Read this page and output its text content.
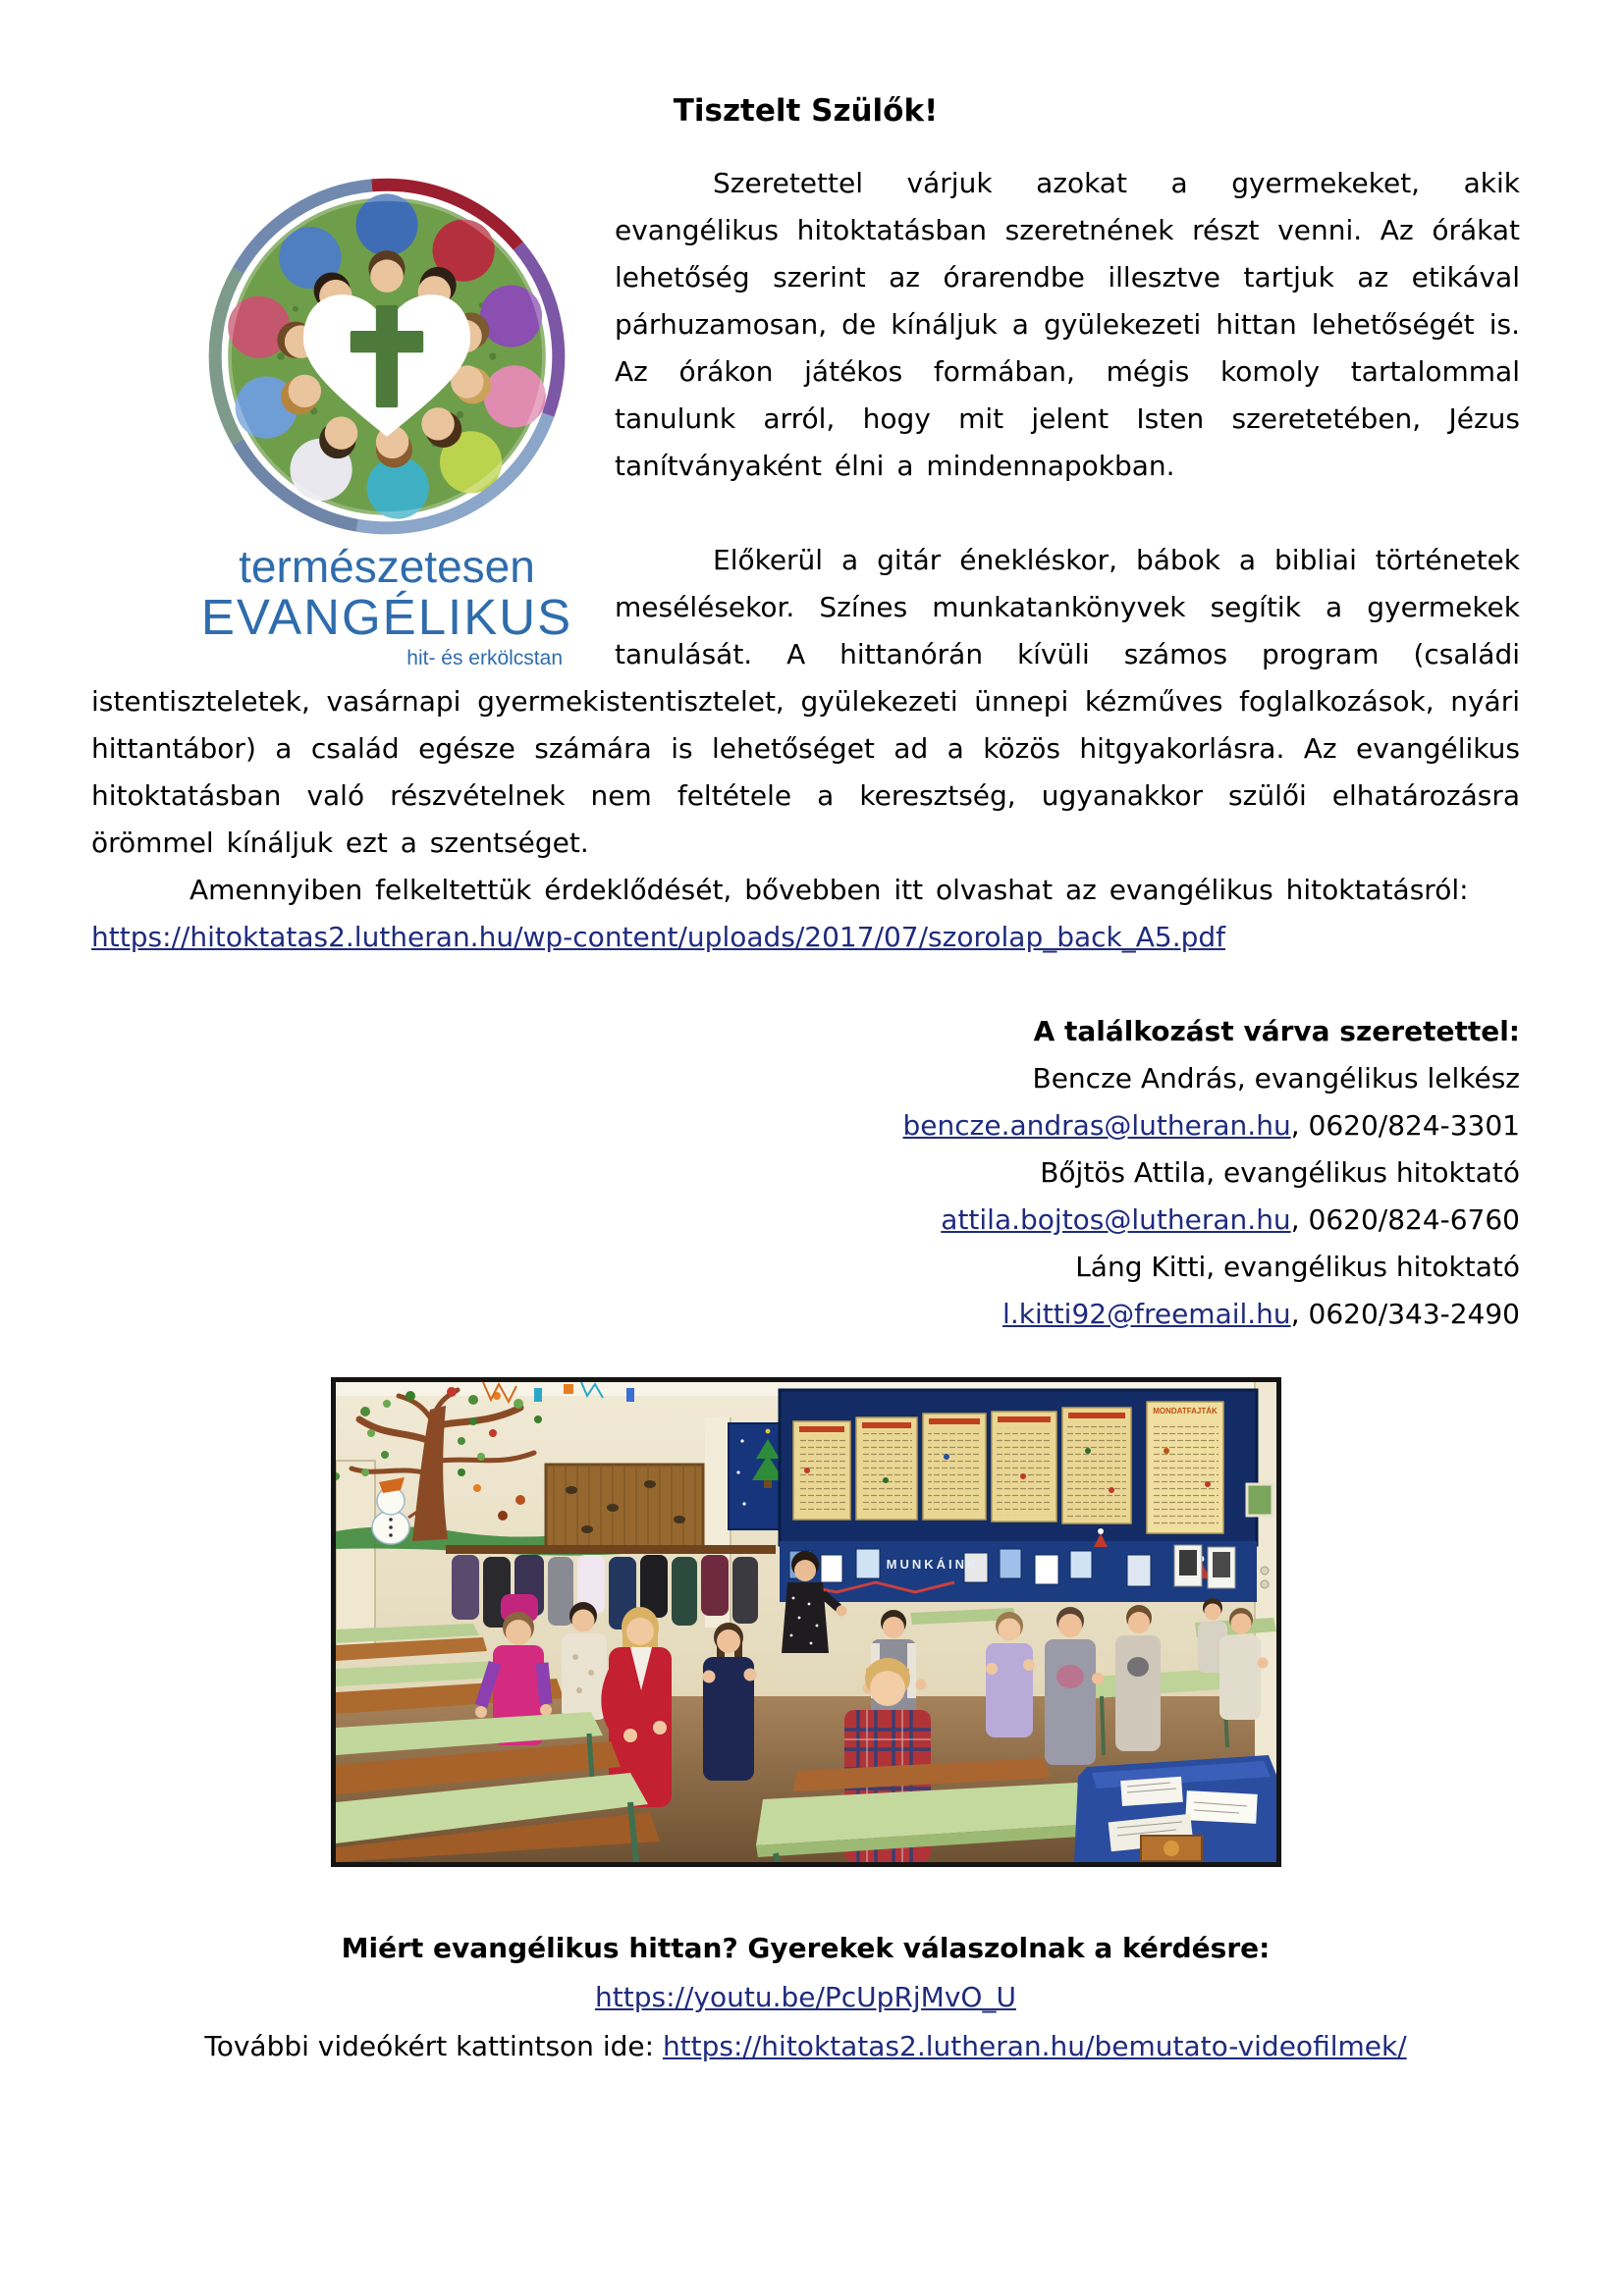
Tisztelt Szülők!
természetesen
EVANGÉLIKUS
hit- és erkölcstan

Szeretettel várjuk azokat a gyermekeket, akik evangélikus hitoktatásban szeretnének részt venni. Az órákat lehetőség szerint az órarendbe illesztve tartjuk az etikával párhuzamosan, de kínáljuk a gyülekezeti hittan lehetőségét is. Az órákon játékos formában, mégis komoly tartalommal tanulunk arról, hogy mit jelent Isten szeretetében, Jézus tanítványaként élni a mindennapokban.

Előkerül a gitár énekléskor, bábok a bibliai történetek mesélésekor. Színes munkatankönyvek segítik a gyermekek tanulását. A hittanórán kívüli számos program (családi istentiszteletek, vasárnapi gyermekistentisztelet, gyülekezeti ünnepi kézműves foglalkozások, nyári hittantábor) a család egésze számára is lehetőséget ad a közös hitgyakorlásra. Az evangélikus hitoktatásban való részvételnek nem feltétele a keresztség, ugyanakkor szülői elhatározásra örömmel kínáljuk ezt a szentséget.

Amennyiben felkeltettük érdeklődését, bővebben itt olvashat az evangélikus hitoktatásról:

https://hitoktatas2.lutheran.hu/wp-content/uploads/2017/07/szorolap_back_A5.pdf

A találkozást várva szeretettel:
Bencze András, evangélikus lelkész
bencze.andras@lutheran.hu, 0620/824-3301
Bőjtös Attila, evangélikus hitoktató
attila.bojtos@lutheran.hu, 0620/824-6760
Láng Kitti, evangélikus hitoktató
l.kitti92@freemail.hu, 0620/343-2490
MONDATFAJTÁK
MUNKÁINK
Miért evangélikus hittan? Gyerekek válaszolnak a kérdésre:
https://youtu.be/PcUpRjMvO_U
További videókért kattintson ide: https://hitoktatas2.lutheran.hu/bemutato-videofilmek/
